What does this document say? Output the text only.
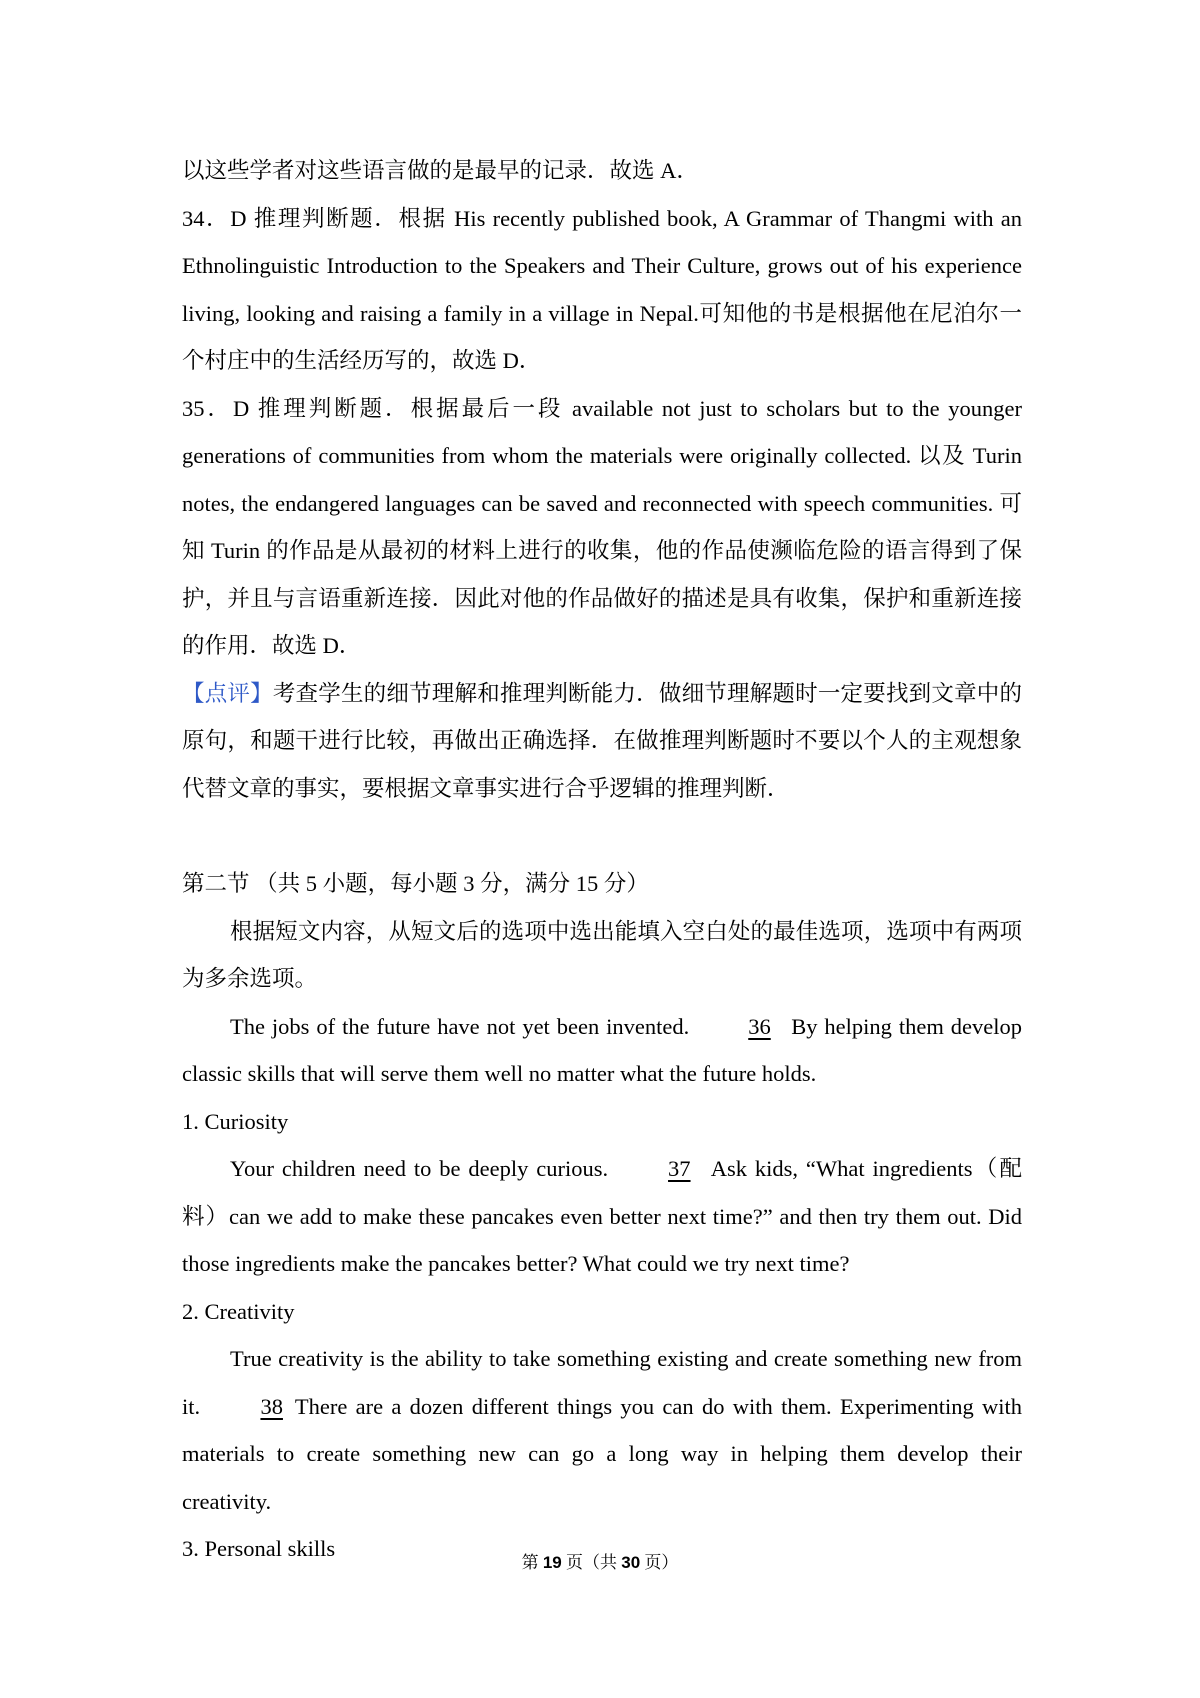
以这些学者对这些语言做的是最早的记录．故选 A．

34．D 推理判断题．根据 His recently published book, A Grammar of Thangmi with an Ethnolinguistic Introduction to the Speakers and Their Culture, grows out of his experience living, looking and raising a family in a village in Nepal.可知他的书是根据他在尼泊尔一个村庄中的生活经历写的，故选 D．

35．D 推理判断题．根据最后一段 available not just to scholars but to the younger generations of communities from whom the materials were originally collected. 以及 Turin notes, the endangered languages can be saved and reconnected with speech communities. 可知 Turin 的作品是从最初的材料上进行的收集，他的作品使濒临危险的语言得到了保护，并且与言语重新连接．因此对他的作品做好的描述是具有收集，保护和重新连接的作用．故选 D．

【点评】考查学生的细节理解和推理判断能力．做细节理解题时一定要找到文章中的原句，和题干进行比较，再做出正确选择．在做推理判断题时不要以个人的主观想象代替文章的事实，要根据文章事实进行合乎逻辑的推理判断．

第二节 （共 5 小题，每小题 3 分，满分 15 分）

根据短文内容，从短文后的选项中选出能填入空白处的最佳选项，选项中有两项为多余选项。

The jobs of the future have not yet been invented.	36 By helping them develop classic skills that will serve them well no matter what the future holds.

1. Curiosity

Your children need to be deeply curious.	37 Ask kids, “What ingredients（配料）can we add to make these pancakes even better next time?” and then try them out. Did those ingredients make the pancakes better? What could we try next time?

2. Creativity

True creativity is the ability to take something existing and create something new from it.	38 There are a dozen different things you can do with them. Experimenting with materials to create something new can go a long way in helping them develop their creativity.

3. Personal skills

第 19 页（共 30 页）
